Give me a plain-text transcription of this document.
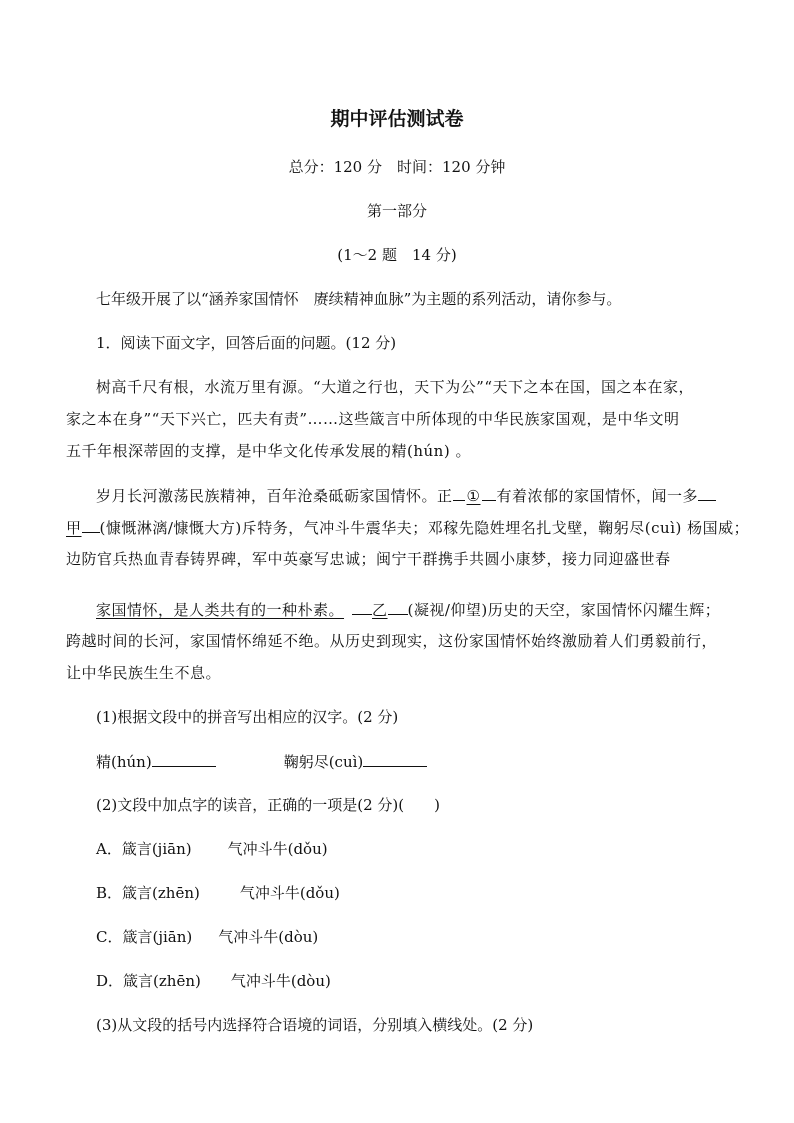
期中评估测试卷
总分：120 分　时间：120 分钟
第一部分
(1～2 题　14 分)
七年级开展了以“涵养家国情怀　赓续精神血脉”为主题的系列活动，请你参与。
1．阅读下面文字，回答后面的问题。(12 分)
树高千尺有根，水流万里有源。“大道之行也，天下为公”“天下之本在国，国之本在家，
家之本在身”“天下兴亡，匹夫有责”……这些箴言中所体现的中华民族家国观，是中华文明
五千年根深蒂固的支撑，是中华文化传承发展的精(hún) 。
岁月长河激荡民族精神，百年沧桑砥砺家国情怀。正 ① 有着浓郁的家国情怀，闻一多
甲 (慷慨淋漓/慷慨大方)斥特务，气冲斗牛震华夫；邓稼先隐姓埋名扎戈壁，鞠躬尽(cuì) 杨国威；
边防官兵热血青春铸界碑，军中英豪写忠诚；闽宁干群携手共圆小康梦，接力同迎盛世春
家国情怀，是人类共有的一种朴素。 乙 (凝视/仰望)历史的天空，家国情怀闪耀生辉；
跨越时间的长河，家国情怀绵延不绝。从历史到现实，这份家国情怀始终激励着人们勇毅前行，
让中华民族生生不息。
(1)根据文段中的拼音写出相应的汉字。(2 分)
精(hún)	鞠躬尽(cuì)
(2)文段中加点字的读音，正确的一项是(2 分)(　　)
A．箴言(jiān) 气冲斗牛(dǒu)
B．箴言(zhēn)	气冲斗牛(dǒu)
C．箴言(jiān) 气冲斗牛(dòu)
D．箴言(zhēn) 气冲斗牛(dòu)
(3)从文段的括号内选择符合语境的词语，分别填入横线处。(2 分)
